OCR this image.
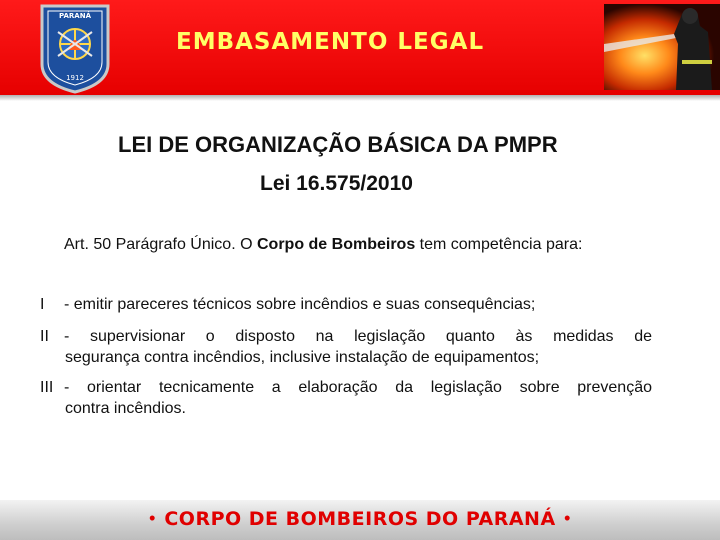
PARANÁ
1912
EMBASAMENTO LEGAL
LEI DE ORGANIZAÇÃO BÁSICA DA PMPR
Lei 16.575/2010
Art. 50 Parágrafo Único. O Corpo de Bombeiros tem competência para:
I - emitir pareceres técnicos sobre incêndios e suas consequências;
II - supervisionar o disposto na legislação quanto às medidas de
segurança contra incêndios, inclusive instalação de equipamentos;
III - orientar tecnicamente a elaboração da legislação sobre prevenção
contra incêndios.
• CORPO DE BOMBEIROS DO PARANÁ •
